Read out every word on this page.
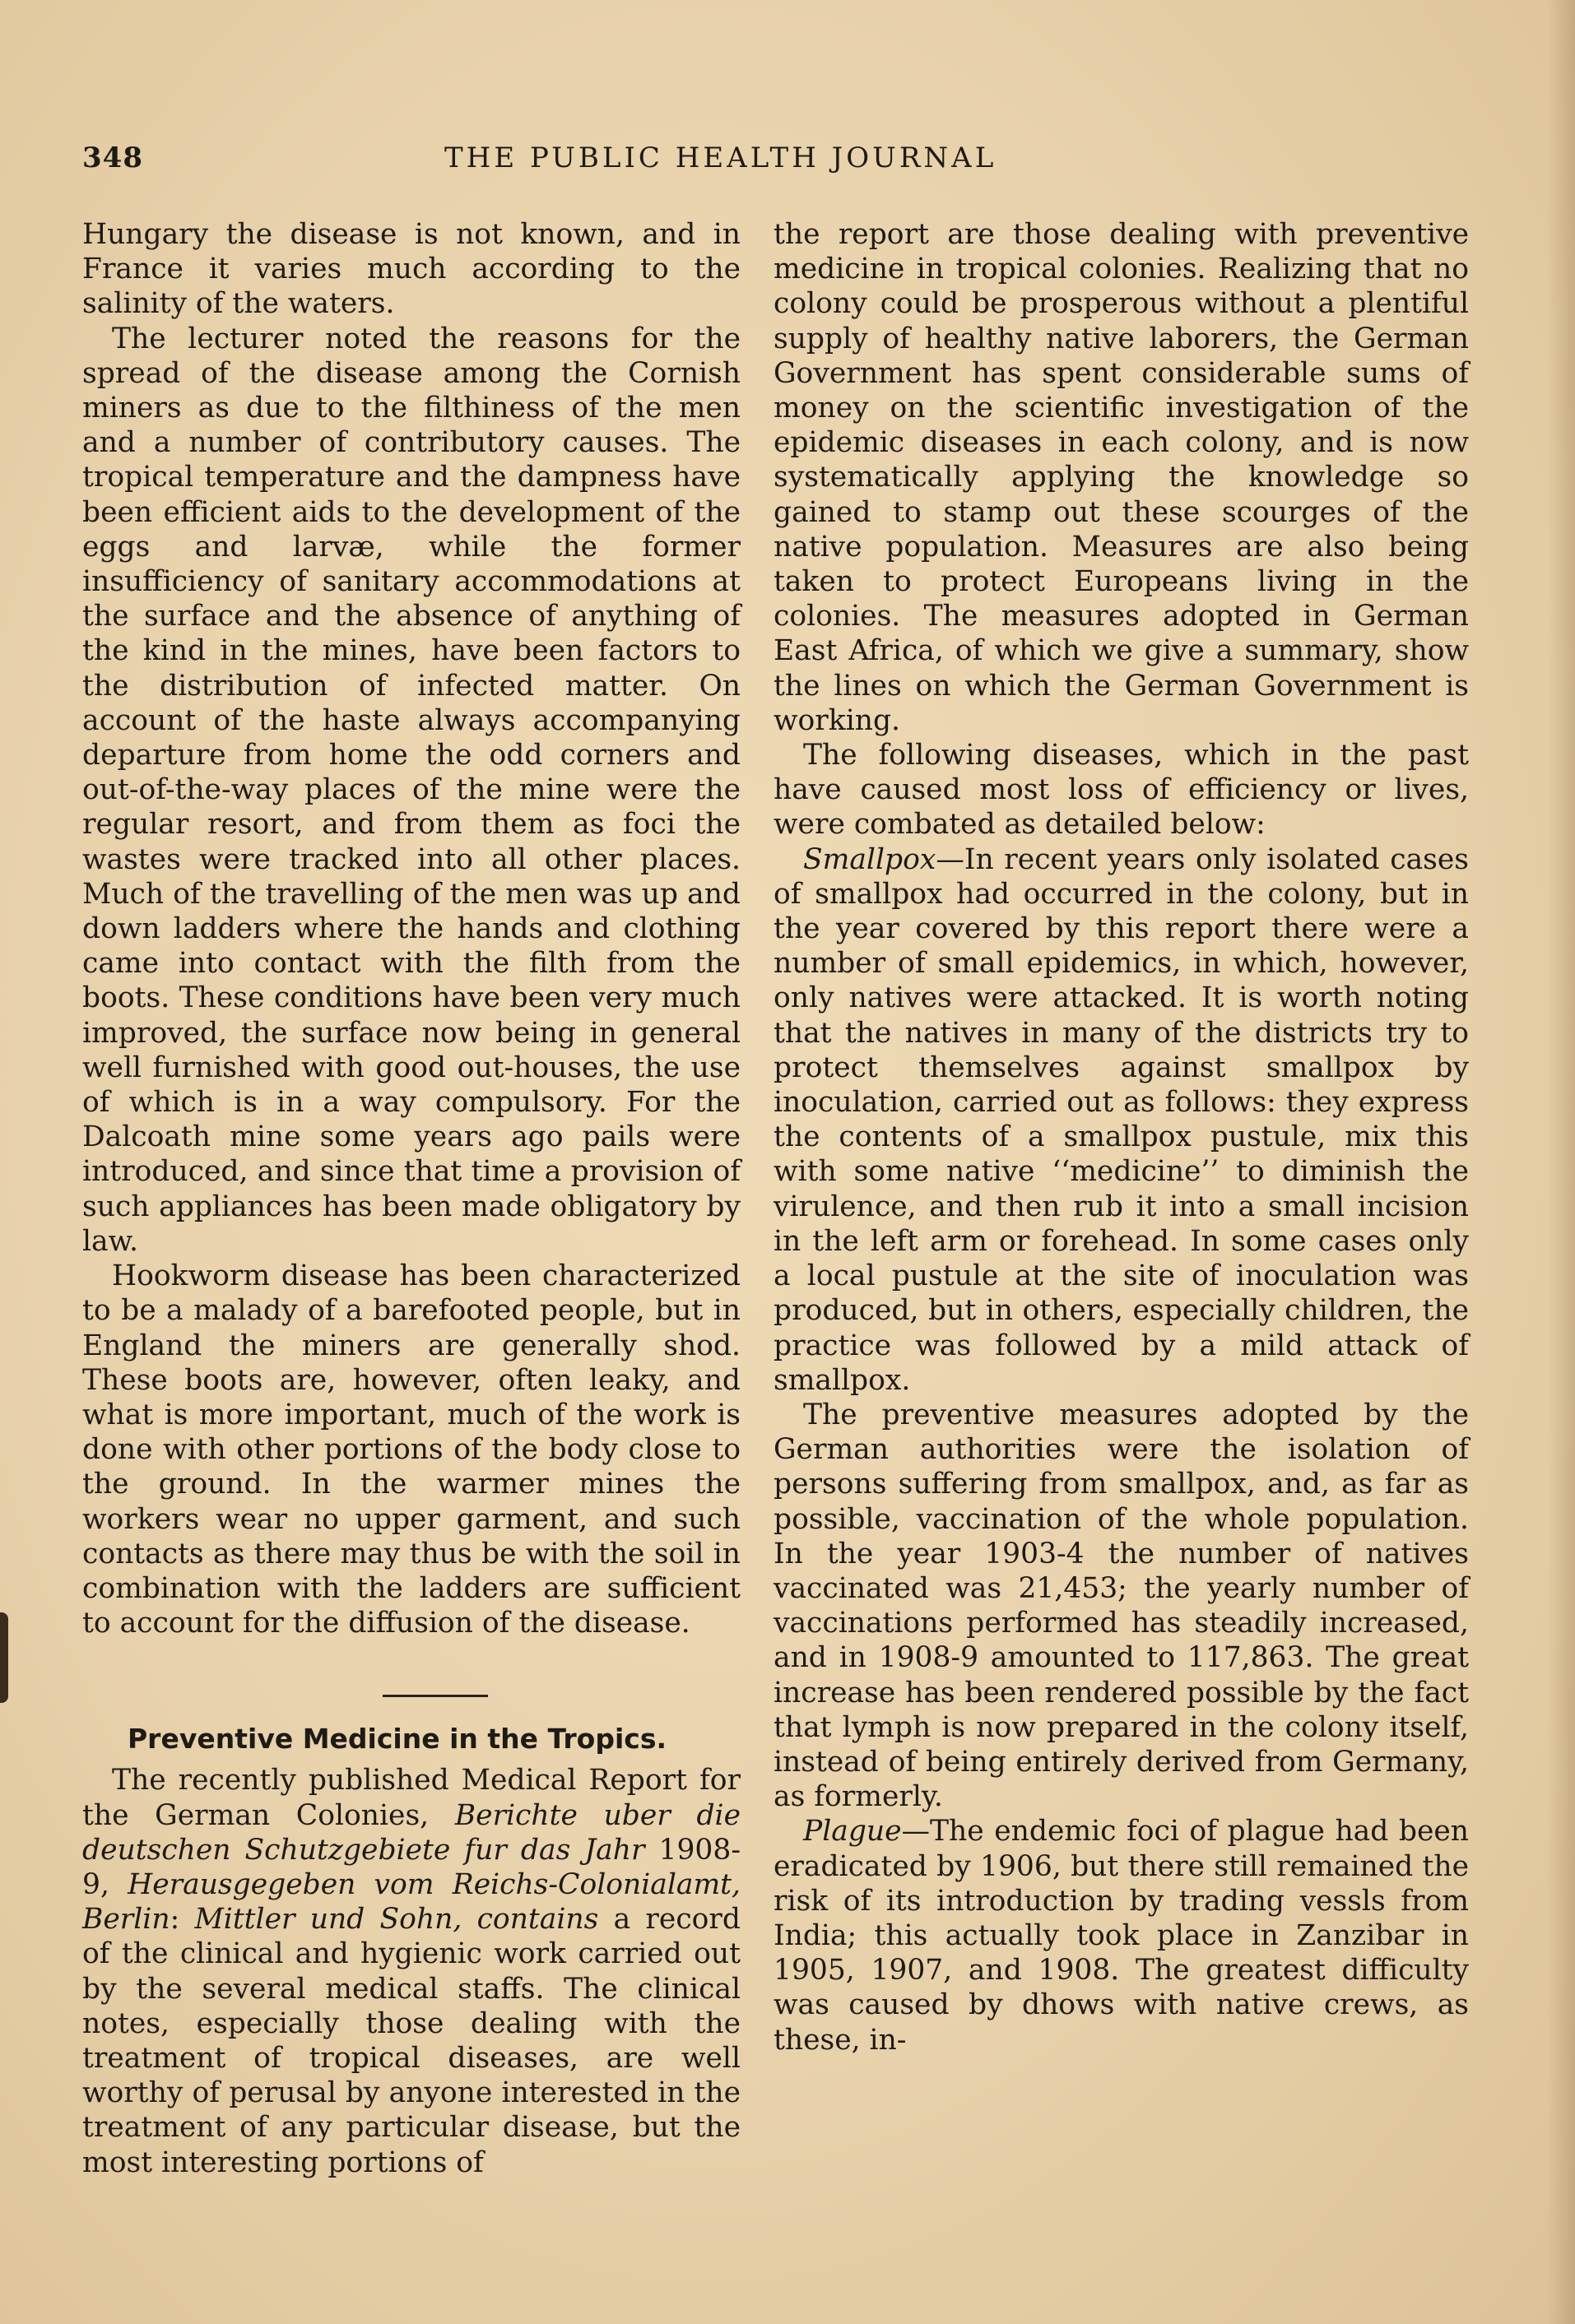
348	THE PUBLIC HEALTH JOURNAL

Hungary the disease is not known, and in France it varies much according to the salinity of the waters.

The lecturer noted the reasons for the spread of the disease among the Cornish miners as due to the filthiness of the men and a number of contributory causes. The tropical temperature and the dampness have been efficient aids to the development of the eggs and larvæ, while the former insufficiency of sanitary accommodations at the surface and the absence of anything of the kind in the mines, have been factors to the distribution of infected matter. On account of the haste always accompanying departure from home the odd corners and out-of-the-way places of the mine were the regular resort, and from them as foci the wastes were tracked into all other places. Much of the travelling of the men was up and down ladders where the hands and clothing came into contact with the filth from the boots. These conditions have been very much improved, the surface now being in general well furnished with good out-houses, the use of which is in a way compulsory. For the Dalcoath mine some years ago pails were introduced, and since that time a provision of such appliances has been made obligatory by law.

Hookworm disease has been characterized to be a malady of a barefooted people, but in England the miners are generally shod. These boots are, however, often leaky, and what is more important, much of the work is done with other portions of the body close to the ground. In the warmer mines the workers wear no upper garment, and such contacts as there may thus be with the soil in combination with the ladders are sufficient to account for the diffusion of the disease.

Preventive Medicine in the Tropics.

The recently published Medical Report for the German Colonies, Berichte uber die deutschen Schutzgebiete fur das Jahr 1908-9, Herausgegeben vom Reichs-Colonialamt, Berlin: Mittler und Sohn, contains a record of the clinical and hygienic work carried out by the several medical staffs. The clinical notes, especially those dealing with the treatment of tropical diseases, are well worthy of perusal by anyone interested in the treatment of any particular disease, but the most interesting portions of

the report are those dealing with preventive medicine in tropical colonies. Realizing that no colony could be prosperous without a plentiful supply of healthy native laborers, the German Government has spent considerable sums of money on the scientific investigation of the epidemic diseases in each colony, and is now systematically applying the knowledge so gained to stamp out these scourges of the native population. Measures are also being taken to protect Europeans living in the colonies. The measures adopted in German East Africa, of which we give a summary, show the lines on which the German Government is working.

The following diseases, which in the past have caused most loss of efficiency or lives, were combated as detailed below:

Smallpox—In recent years only isolated cases of smallpox had occurred in the colony, but in the year covered by this report there were a number of small epidemics, in which, however, only natives were attacked. It is worth noting that the natives in many of the districts try to protect themselves against smallpox by inoculation, carried out as follows: they express the contents of a smallpox pustule, mix this with some native ‘‘medicine’’ to diminish the virulence, and then rub it into a small incision in the left arm or forehead. In some cases only a local pustule at the site of inoculation was produced, but in others, especially children, the practice was followed by a mild attack of smallpox.

The preventive measures adopted by the German authorities were the isolation of persons suffering from smallpox, and, as far as possible, vaccination of the whole population. In the year 1903-4 the number of natives vaccinated was 21,453; the yearly number of vaccinations performed has steadily increased, and in 1908-9 amounted to 117,863. The great increase has been rendered possible by the fact that lymph is now prepared in the colony itself, instead of being entirely derived from Germany, as formerly.

Plague—The endemic foci of plague had been eradicated by 1906, but there still remained the risk of its introduction by trading vessls from India; this actually took place in Zanzibar in 1905, 1907, and 1908. The greatest difficulty was caused by dhows with native crews, as these, in-
